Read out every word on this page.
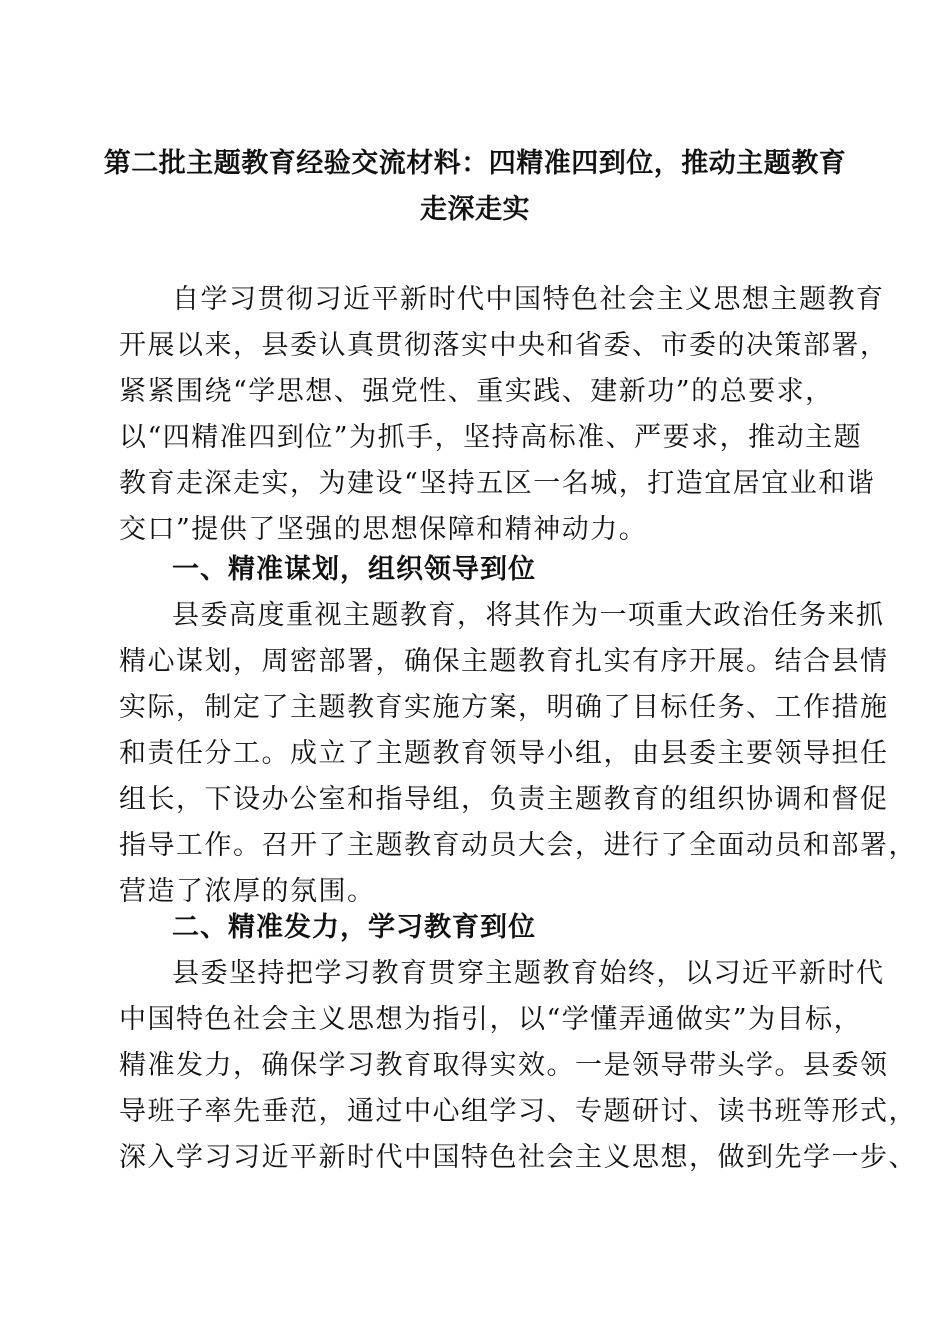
第二批主题教育经验交流材料：四精准四到位，推动主题教育
走深走实
自学习贯彻习近平新时代中国特色社会主义思想主题教育
开展以来，县委认真贯彻落实中央和省委、市委的决策部署，
紧紧围绕“学思想、强党性、重实践、建新功”的总要求，
以“四精准四到位”为抓手，坚持高标准、严要求，推动主题
教育走深走实，为建设“坚持五区一名城，打造宜居宜业和谐
交口”提供了坚强的思想保障和精神动力。
一、精准谋划，组织领导到位
县委高度重视主题教育，将其作为一项重大政治任务来抓
精心谋划，周密部署，确保主题教育扎实有序开展。结合县情
实际，制定了主题教育实施方案，明确了目标任务、工作措施
和责任分工。成立了主题教育领导小组，由县委主要领导担任
组长，下设办公室和指导组，负责主题教育的组织协调和督促
指导工作。召开了主题教育动员大会，进行了全面动员和部署，
营造了浓厚的氛围。
二、精准发力，学习教育到位
县委坚持把学习教育贯穿主题教育始终，以习近平新时代
中国特色社会主义思想为指引，以“学懂弄通做实”为目标，
精准发力，确保学习教育取得实效。一是领导带头学。县委领
导班子率先垂范，通过中心组学习、专题研讨、读书班等形式，
深入学习习近平新时代中国特色社会主义思想，做到先学一步、
